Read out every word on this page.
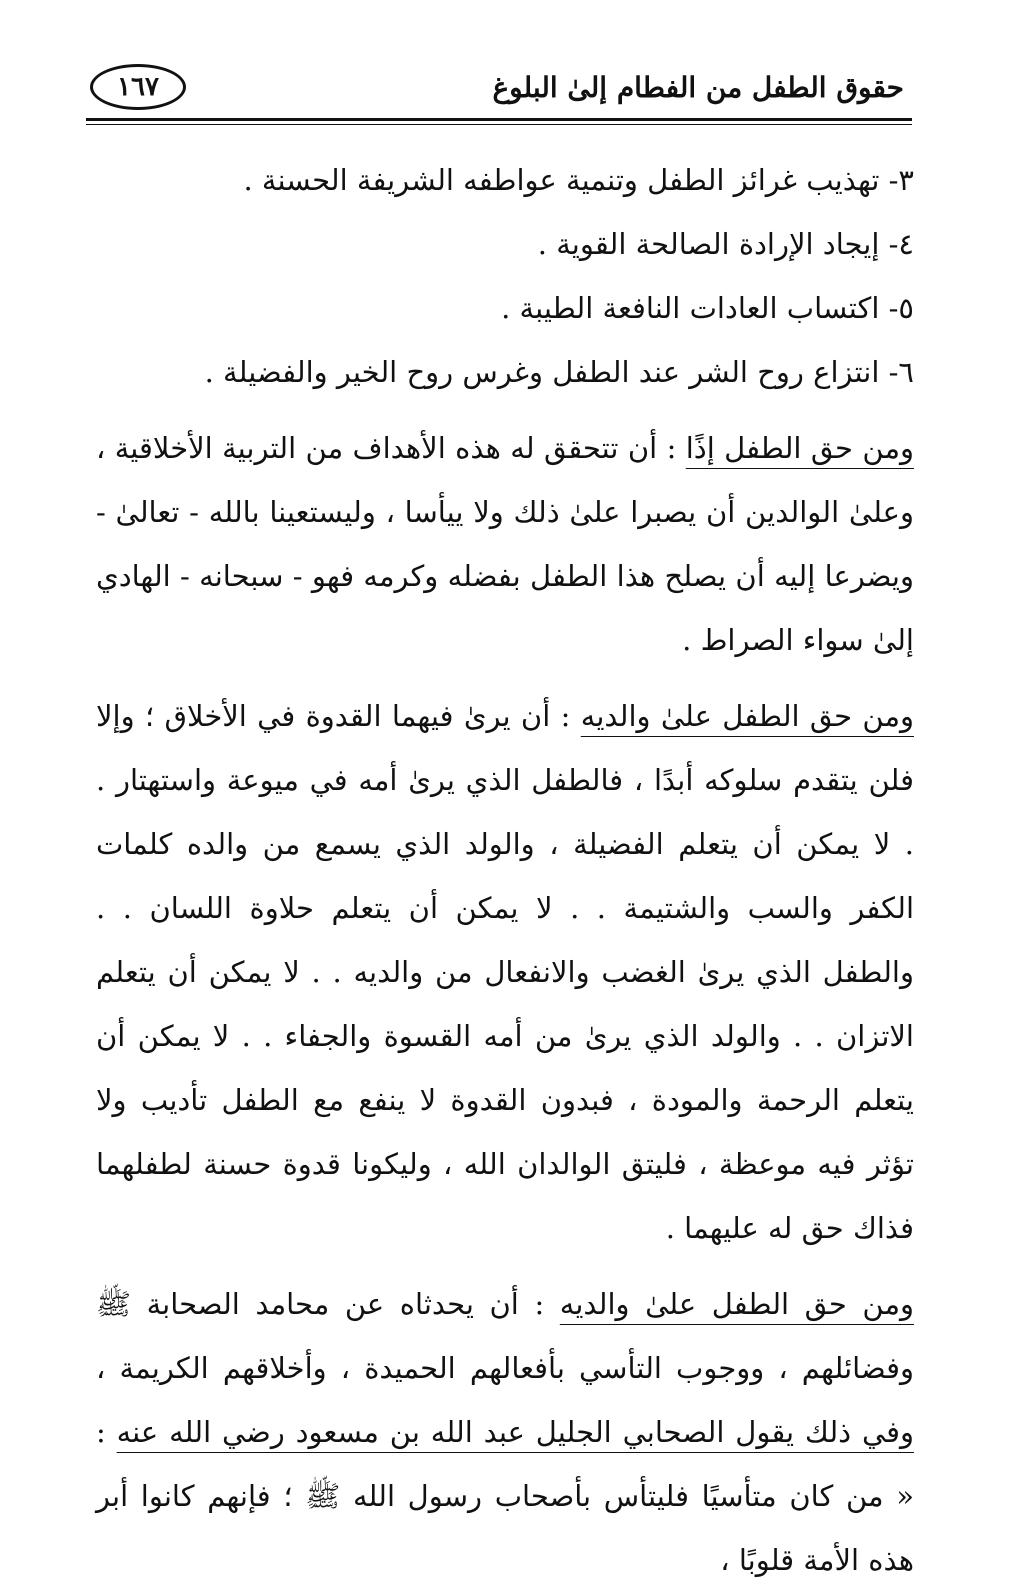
حقوق الطفل من الفطام إلىٰ البلوغ
١٦٧

٣- تهذيب غرائز الطفل وتنمية عواطفه الشريفة الحسنة .

٤- إيجاد الإرادة الصالحة القوية .

٥- اكتساب العادات النافعة الطيبة .

٦- انتزاع روح الشر عند الطفل وغرس روح الخير والفضيلة .

ومن حق الطفل إذًا : أن تتحقق له هذه الأهداف من التربية الأخلاقية ، وعلىٰ الوالدين أن يصبرا علىٰ ذلك ولا ييأسا ، وليستعينا بالله - تعالىٰ - ويضرعا إليه أن يصلح هذا الطفل بفضله وكرمه فهو - سبحانه - الهادي إلىٰ سواء الصراط .

ومن حق الطفل علىٰ والديه : أن يرىٰ فيهما القدوة في الأخلاق ؛ وإلا فلن يتقدم سلوكه أبدًا ، فالطفل الذي يرىٰ أمه في ميوعة واستهتار . . لا يمكن أن يتعلم الفضيلة ، والولد الذي يسمع من والده كلمات الكفر والسب والشتيمة . . لا يمكن أن يتعلم حلاوة اللسان . . والطفل الذي يرىٰ الغضب والانفعال من والديه . . لا يمكن أن يتعلم الاتزان . . والولد الذي يرىٰ من أمه القسوة والجفاء . . لا يمكن أن يتعلم الرحمة والمودة ، فبدون القدوة لا ينفع مع الطفل تأديب ولا تؤثر فيه موعظة ، فليتق الوالدان الله ، وليكونا قدوة حسنة لطفلهما فذاك حق له عليهما .

ومن حق الطفل علىٰ والديه : أن يحدثاه عن محامد الصحابة ﷺ وفضائلهم ، ووجوب التأسي بأفعالهم الحميدة ، وأخلاقهم الكريمة ، وفي ذلك يقول الصحابي الجليل عبد الله بن مسعود رضي الله عنه : « من كان متأسيًا فليتأس بأصحاب رسول الله ﷺ ؛ فإنهم كانوا أبر هذه الأمة قلوبًا ،
